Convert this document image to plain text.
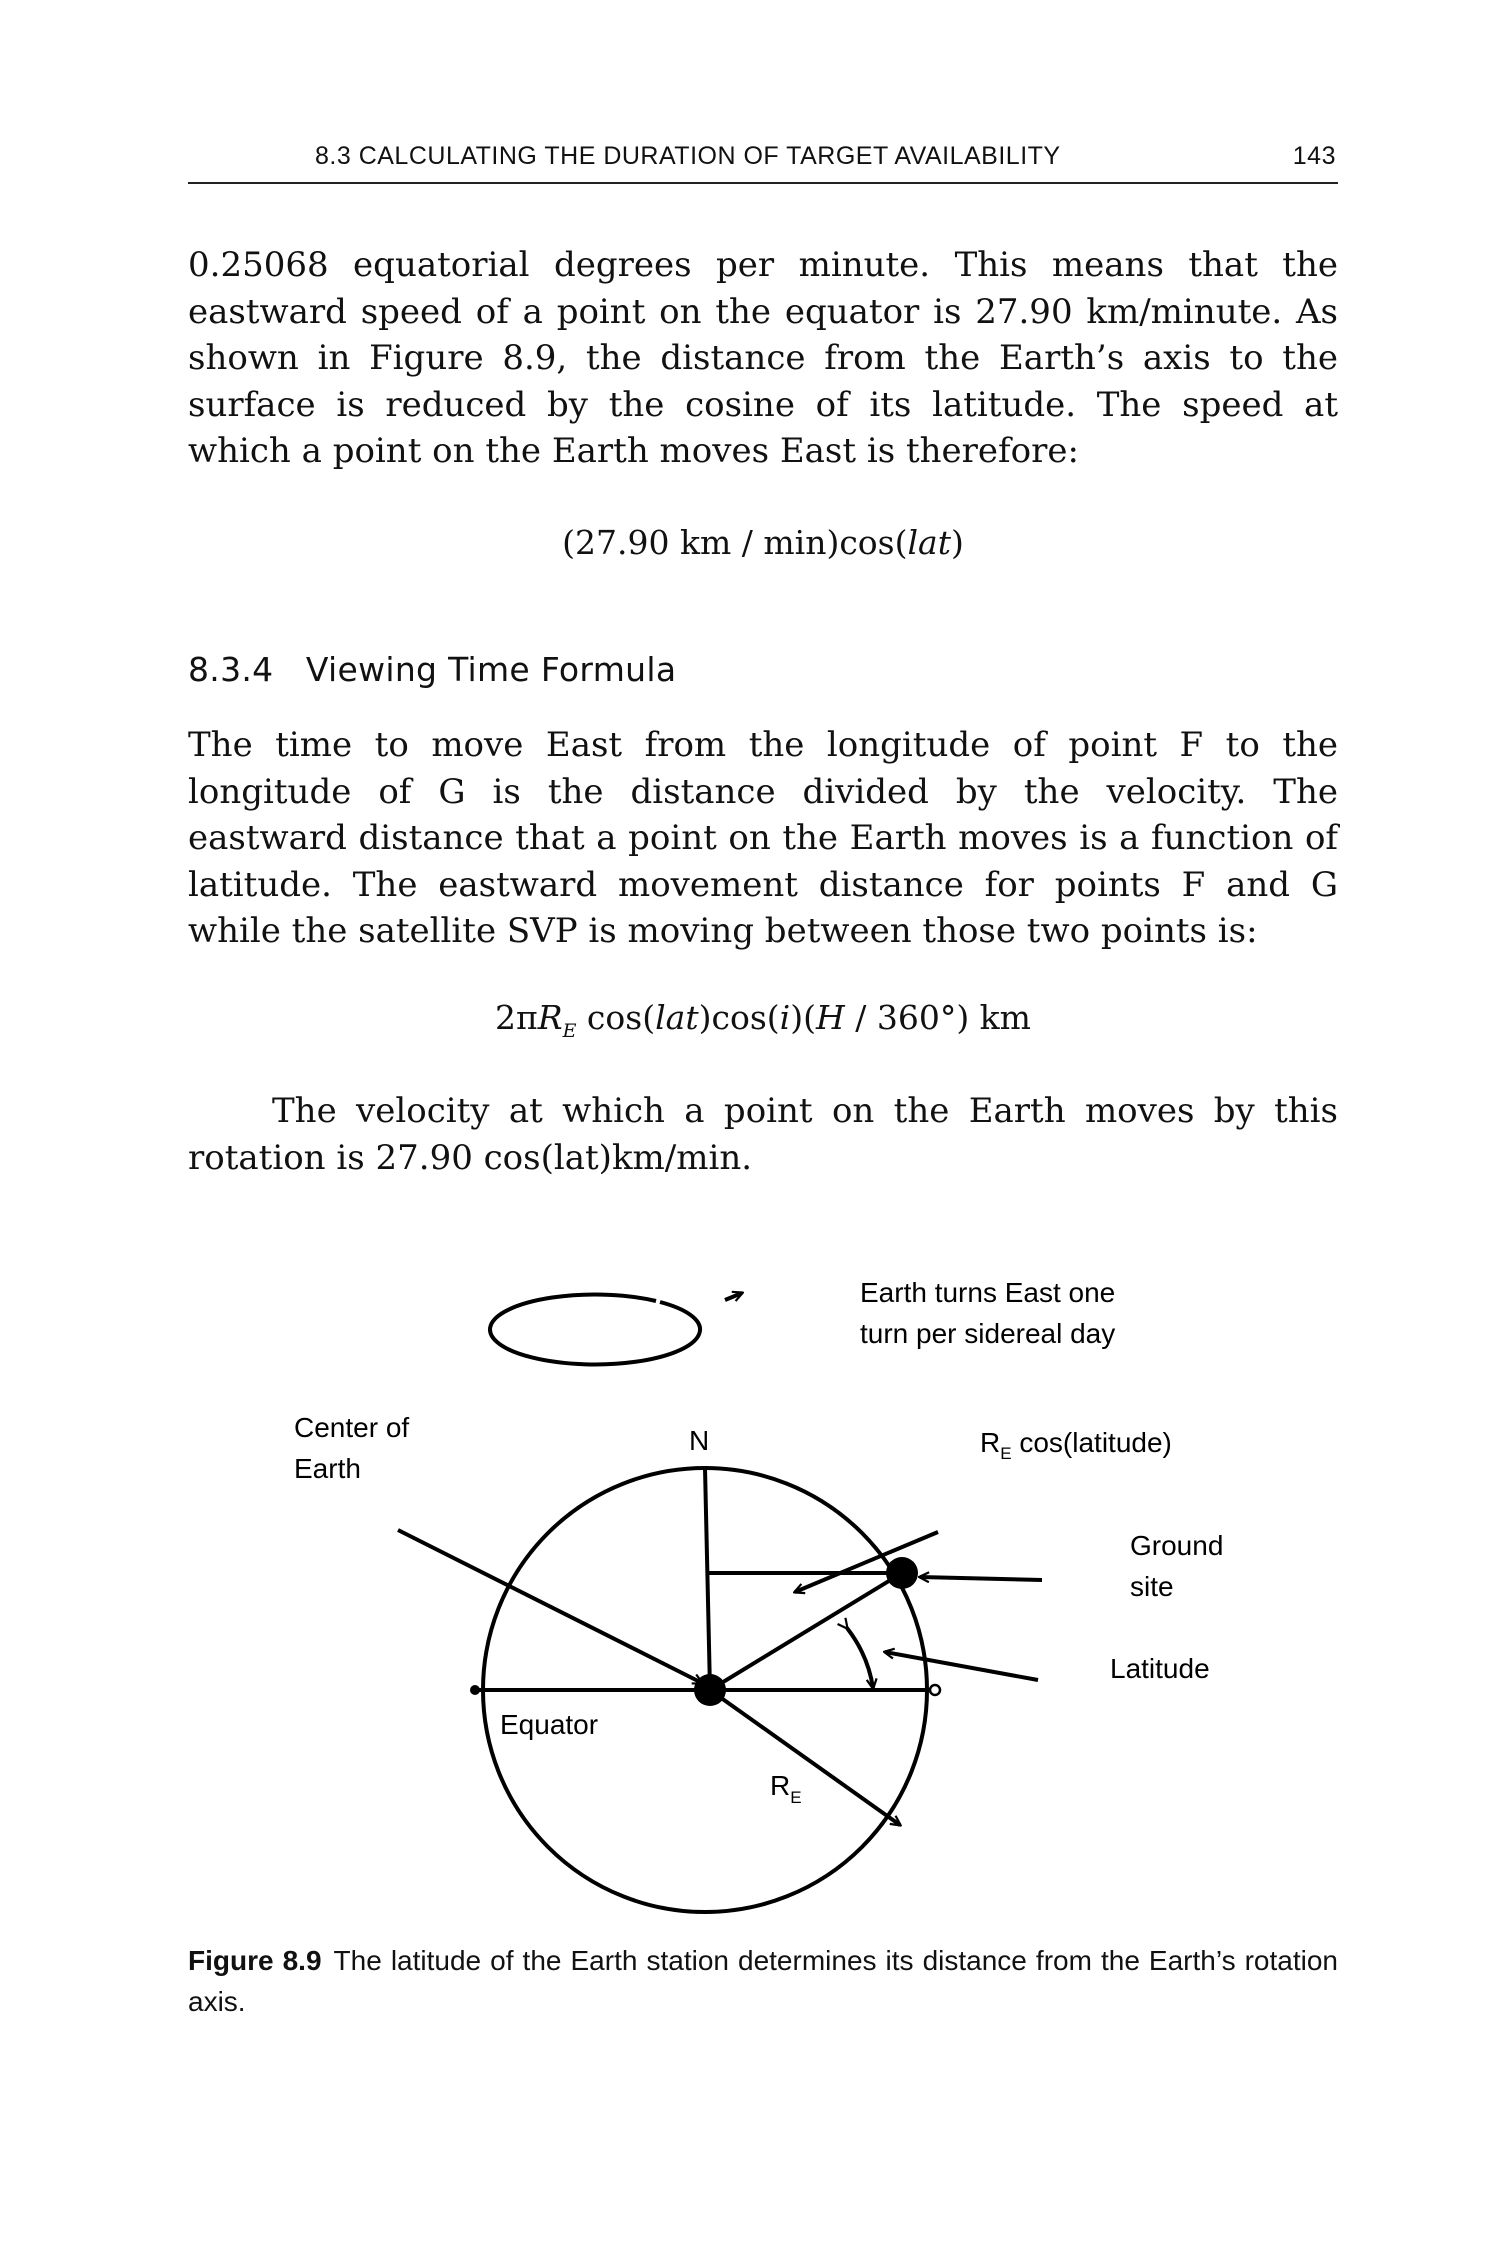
8.3 CALCULATING THE DURATION OF TARGET AVAILABILITY	143

0.25068 equatorial degrees per minute. This means that the eastward speed of a point on the equator is 27.90 km/minute. As shown in Figure 8.9, the distance from the Earth’s axis to the surface is reduced by the cosine of its latitude. The speed at which a point on the Earth moves East is therefore:

(27.90 km / min)cos(lat)

8.3.4 Viewing Time Formula

The time to move East from the longitude of point F to the longitude of G is the distance divided by the velocity. The eastward distance that a point on the Earth moves is a function of latitude. The eastward movement distance for points F and G while the satellite SVP is moving between those two points is:

$2\pi R_E$ cos(lat)cos(i)(H / 360°) km

The velocity at which a point on the Earth moves by this rotation is 27.90 cos(lat)km/min.

Earth turns East one
turn per sidereal day
Center of
Earth
N	$R_E$ cos(latitude)
Ground
site
Latitude
Equator
$R_E$

Figure 8.9 The latitude of the Earth station determines its distance from the Earth’s rotation axis.
